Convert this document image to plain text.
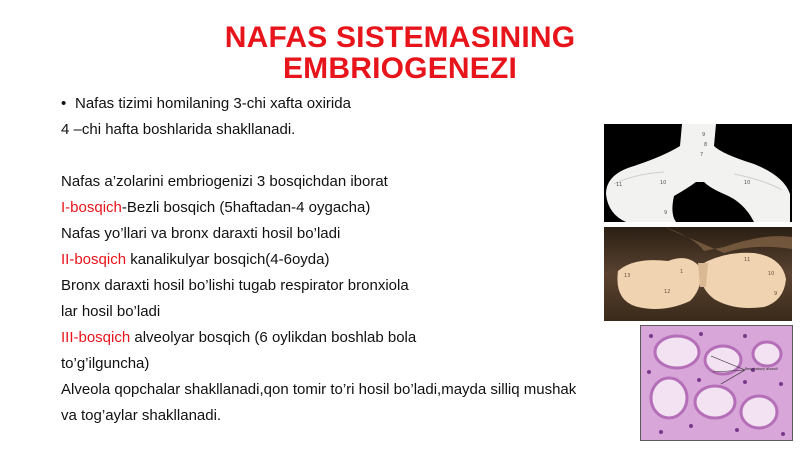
NAFAS SISTEMASINING
EMBRIOGENEZI
• Nafas tizimi homilaning 3-chi xafta oxirida
4 –chi hafta boshlarida shakllanadi.
Nafas a’zolarini embriogenizi 3 bosqichdan iborat
I-bosqich-Bezli bosqich (5haftadan-4 oygacha)
Nafas yo’llari va bronx daraxti hosil bo’ladi
II-bosqich kanalikulyar bosqich(4-6oyda)
Bronx daraxti hosil bo’lishi tugab respirator bronxiola
lar hosil bo’ladi
III-bosqich alveolyar bosqich (6 oylikdan boshlab bola
to’g’ilguncha)
Alveola qopchalar shakllanadi,qon tomir to’ri hosil bo’ladi,mayda silliq mushak
va tog’aylar shakllanadi.
9
8
7
11	10	10
9
13
11
1
12
10
9
Respiratory alveoli
